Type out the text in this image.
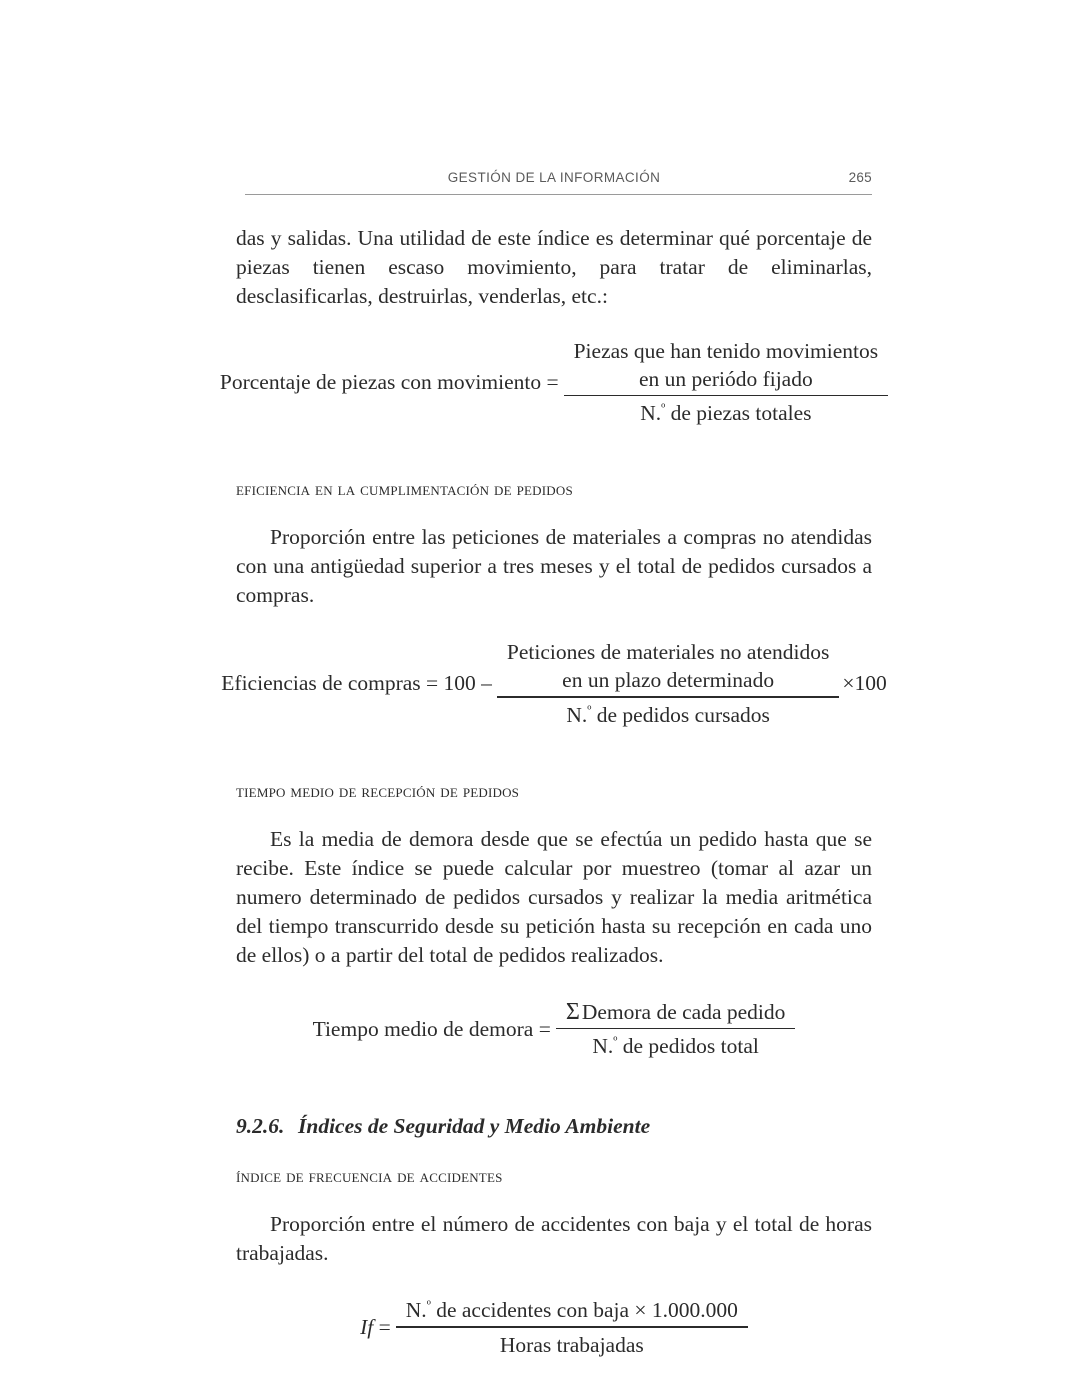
GESTIÓN DE LA INFORMACIÓN	265

das y salidas. Una utilidad de este índice es determinar qué porcentaje de piezas tienen escaso movimiento, para tratar de eliminarlas, desclasificarlas, destruirlas, venderlas, etc.:

Porcentaje de piezas con movimiento =
Piezas que han tenido movimientos
en un periódo fijado
N.$^º$ de piezas totales
eficiencia en la cumplimentación de pedidos

Proporción entre las peticiones de materiales a compras no atendidas con una antigüedad superior a tres meses y el total de pedidos cursados a compras.

Eficiencias de compras = 100 –
Peticiones de materiales no atendidos
en un plazo determinado
N.$^º$ de pedidos cursados
×100
tiempo medio de recepción de pedidos

Es la media de demora desde que se efectúa un pedido hasta que se recibe. Este índice se puede calcular por muestreo (tomar al azar un numero determinado de pedidos cursados y realizar la media aritmética del tiempo transcurrido desde su petición hasta su recepción en cada uno de ellos) o a partir del total de pedidos realizados.

Tiempo medio de demora = $\frac{\text{ΣDemora de cada pedido}}{N.^º de pedidos total}$
9.2.6. Índices de Seguridad y Medio Ambiente
índice de frecuencia de accidentes

Proporción entre el número de accidentes con baja y el total de horas trabajadas.

$If = \frac{N.^º de accidentes con baja \times 1.000.000}{\text{Horas trabajadas}}$
